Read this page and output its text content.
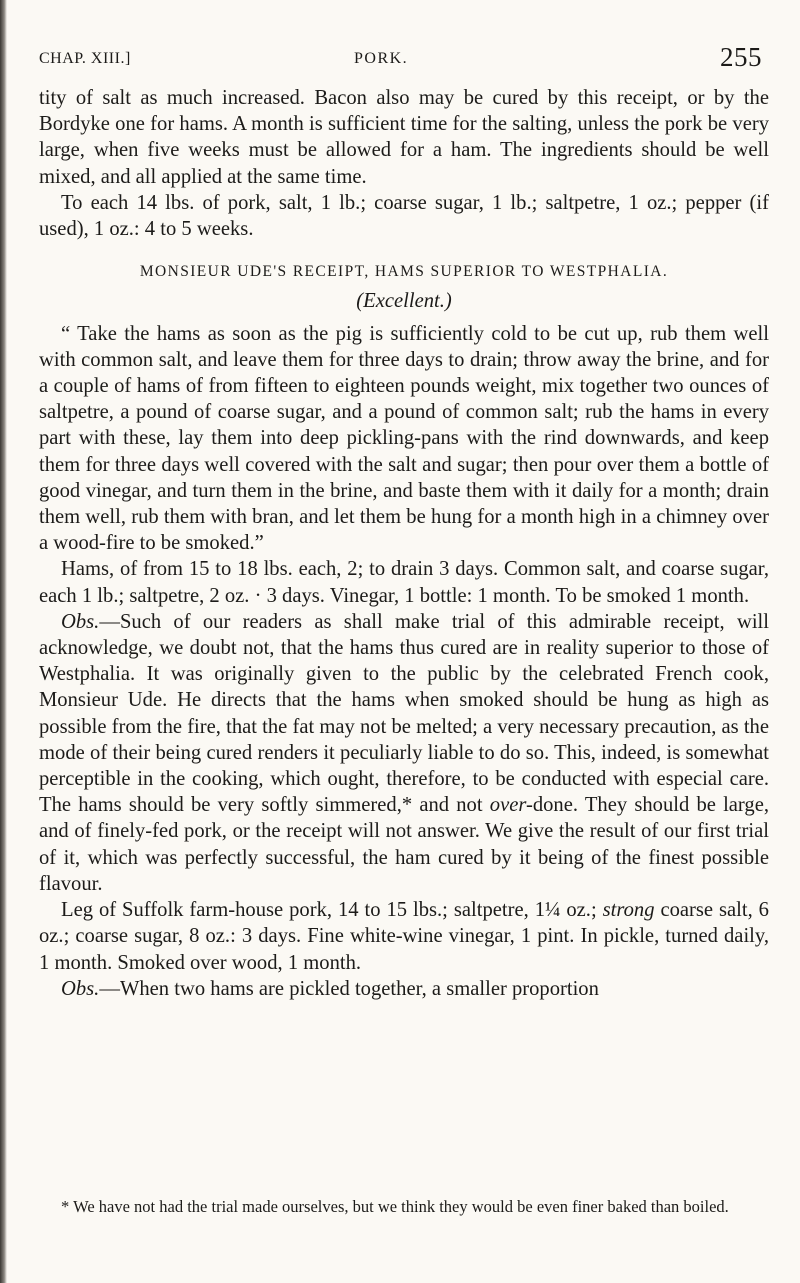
CHAP. XIII.]	PORK.	255

tity of salt as much increased. Bacon also may be cured by this receipt, or by the Bordyke one for hams. A month is sufficient time for the salting, unless the pork be very large, when five weeks must be allowed for a ham. The ingredients should be well mixed, and all applied at the same time.

To each 14 lbs. of pork, salt, 1 lb.; coarse sugar, 1 lb.; saltpetre, 1 oz.; pepper (if used), 1 oz.: 4 to 5 weeks.

MONSIEUR UDE'S RECEIPT, HAMS SUPERIOR TO WESTPHALIA.
(Excellent.)

“ Take the hams as soon as the pig is sufficiently cold to be cut up, rub them well with common salt, and leave them for three days to drain; throw away the brine, and for a couple of hams of from fifteen to eighteen pounds weight, mix together two ounces of saltpetre, a pound of coarse sugar, and a pound of common salt; rub the hams in every part with these, lay them into deep pickling-pans with the rind downwards, and keep them for three days well covered with the salt and sugar; then pour over them a bottle of good vinegar, and turn them in the brine, and baste them with it daily for a month; drain them well, rub them with bran, and let them be hung for a month high in a chimney over a wood-fire to be smoked.”

Hams, of from 15 to 18 lbs. each, 2; to drain 3 days. Common salt, and coarse sugar, each 1 lb.; saltpetre, 2 oz. · 3 days. Vinegar, 1 bottle: 1 month. To be smoked 1 month.

Obs.—Such of our readers as shall make trial of this admirable receipt, will acknowledge, we doubt not, that the hams thus cured are in reality superior to those of Westphalia. It was originally given to the public by the celebrated French cook, Monsieur Ude. He directs that the hams when smoked should be hung as high as possible from the fire, that the fat may not be melted; a very necessary precaution, as the mode of their being cured renders it peculiarly liable to do so. This, indeed, is somewhat perceptible in the cooking, which ought, therefore, to be conducted with especial care. The hams should be very softly simmered,* and not over-done. They should be large, and of finely-fed pork, or the receipt will not answer. We give the result of our first trial of it, which was perfectly successful, the ham cured by it being of the finest possible flavour.

Leg of Suffolk farm-house pork, 14 to 15 lbs.; saltpetre, 1¼ oz.; strong coarse salt, 6 oz.; coarse sugar, 8 oz.: 3 days. Fine white-wine vinegar, 1 pint. In pickle, turned daily, 1 month. Smoked over wood, 1 month.

Obs.—When two hams are pickled together, a smaller proportion

* We have not had the trial made ourselves, but we think they would be even finer baked than boiled.
